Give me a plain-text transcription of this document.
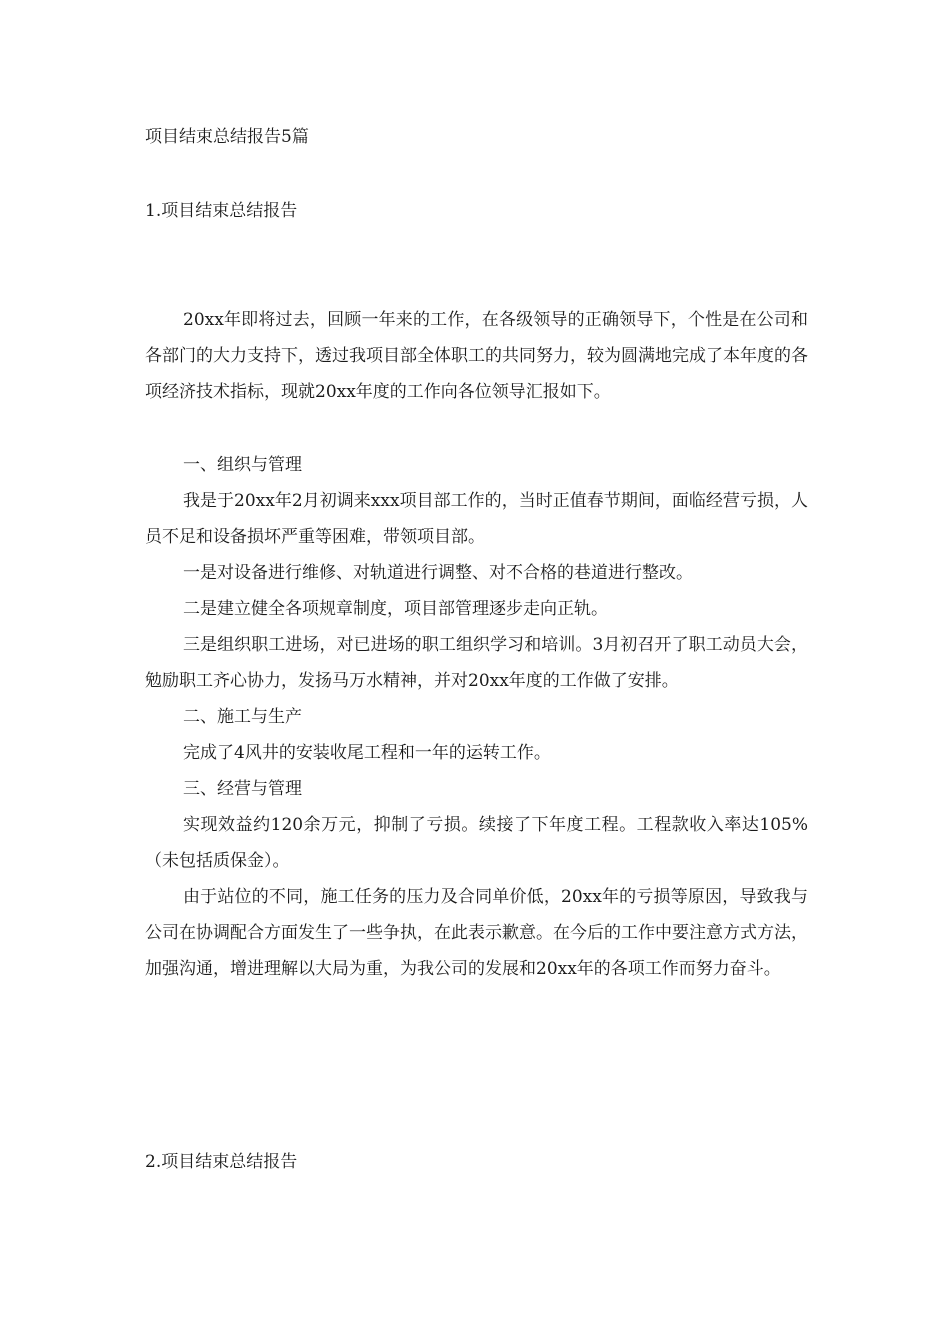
项目结束总结报告5篇
1.项目结束总结报告

20xx年即将过去，回顾一年来的工作，在各级领导的正确领导下，个性是在公司和各部门的大力支持下，透过我项目部全体职工的共同努力，较为圆满地完成了本年度的各项经济技术指标，现就20xx年度的工作向各位领导汇报如下。

一、组织与管理

我是于20xx年2月初调来xxx项目部工作的，当时正值春节期间，面临经营亏损，人员不足和设备损坏严重等困难，带领项目部。

一是对设备进行维修、对轨道进行调整、对不合格的巷道进行整改。

二是建立健全各项规章制度，项目部管理逐步走向正轨。

三是组织职工进场，对已进场的职工组织学习和培训。3月初召开了职工动员大会，勉励职工齐心协力，发扬马万水精神，并对20xx年度的工作做了安排。

二、施工与生产

完成了4风井的安装收尾工程和一年的运转工作。

三、经营与管理

实现效益约120余万元，抑制了亏损。续接了下年度工程。工程款收入率达105%（未包括质保金）。

由于站位的不同，施工任务的压力及合同单价低，20xx年的亏损等原因，导致我与公司在协调配合方面发生了一些争执，在此表示歉意。在今后的工作中要注意方式方法，加强沟通，增进理解以大局为重，为我公司的发展和20xx年的各项工作而努力奋斗。

2.项目结束总结报告
